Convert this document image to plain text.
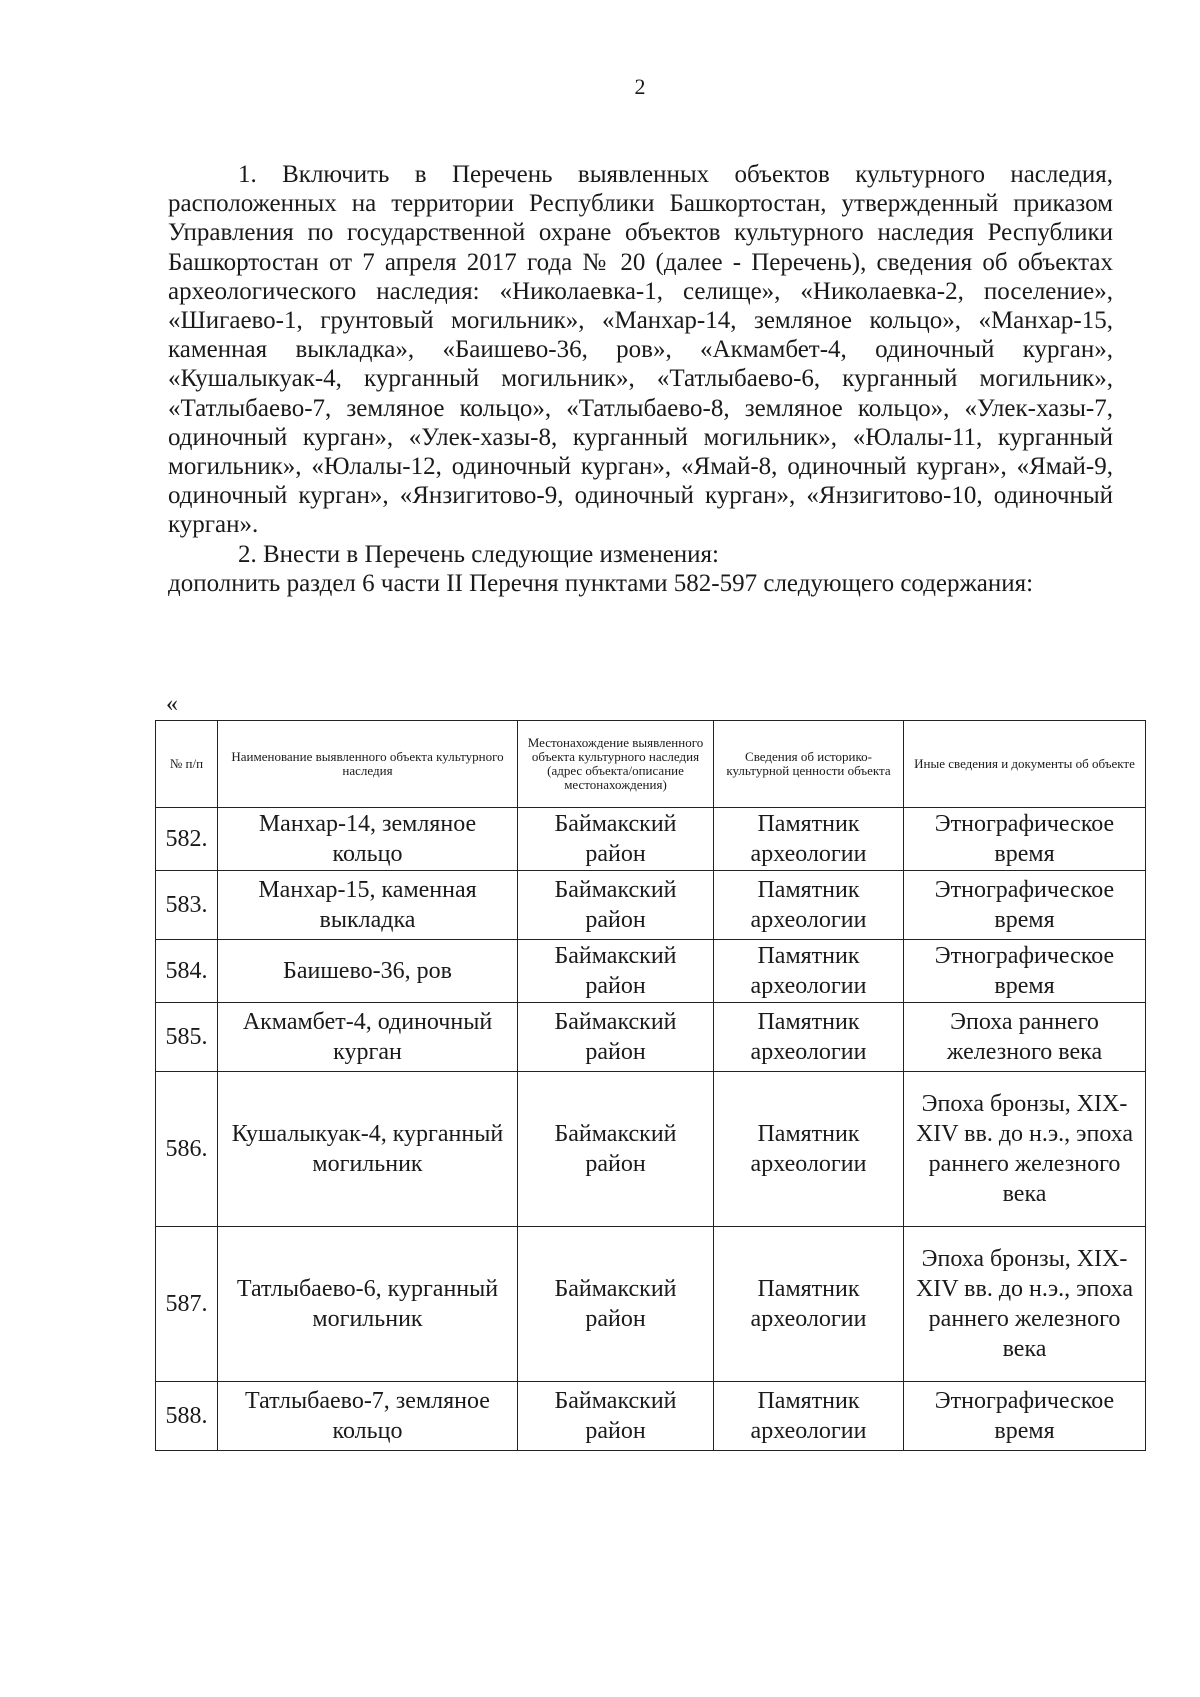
2

1. Включить в Перечень выявленных объектов культурного наследия, расположенных на территории Республики Башкортостан, утвержденный приказом Управления по государственной охране объектов культурного наследия Республики Башкортостан от 7 апреля 2017 года № 20 (далее - Перечень), сведения об объектах археологического наследия: «Николаевка-1, селище», «Николаевка-2, поселение», «Шигаево-1, грунтовый могильник», «Манхар-14, земляное кольцо», «Манхар-15, каменная выкладка», «Баишево-36, ров», «Акмамбет-4, одиночный курган», «Кушалыкуак-4, курганный могильник», «Татлыбаево-6, курганный могильник», «Татлыбаево-7, земляное кольцо», «Татлыбаево-8, земляное кольцо», «Улек-хазы-7, одиночный курган», «Улек-хазы-8, курганный могильник», «Юлалы-11, курганный могильник», «Юлалы-12, одиночный курган», «Ямай-8, одиночный курган», «Ямай-9, одиночный курган», «Янзигитово-9, одиночный курган», «Янзигитово-10, одиночный курган».

2. Внести в Перечень следующие изменения:

дополнить раздел 6 части II Перечня пунктами 582-597 следующего содержания:

«
№ п/п	Наименование выявленного объекта культурного наследия	Местонахождение выявленного объекта культурного наследия (адрес объекта/описание местонахождения)	Сведения об историко-культурной ценности объекта	Иные сведения и документы об объекте
582.	Манхар-14, земляное кольцо	Баймакский район	Памятник археологии	Этнографическое время
583.	Манхар-15, каменная выкладка	Баймакский район	Памятник археологии	Этнографическое время
584.	Баишево-36, ров	Баймакский район	Памятник археологии	Этнографическое время
585.	Акмамбет-4, одиночный курган	Баймакский район	Памятник археологии	Эпоха раннего железного века
586.	Кушалыкуак-4, курганный могильник	Баймакский район	Памятник археологии	Эпоха бронзы, XIX-XIV вв. до н.э., эпоха раннего железного века
587.	Татлыбаево-6, курганный могильник	Баймакский район	Памятник археологии	Эпоха бронзы, XIX-XIV вв. до н.э., эпоха раннего железного века
588.	Татлыбаево-7, земляное кольцо	Баймакский район	Памятник археологии	Этнографическое время
